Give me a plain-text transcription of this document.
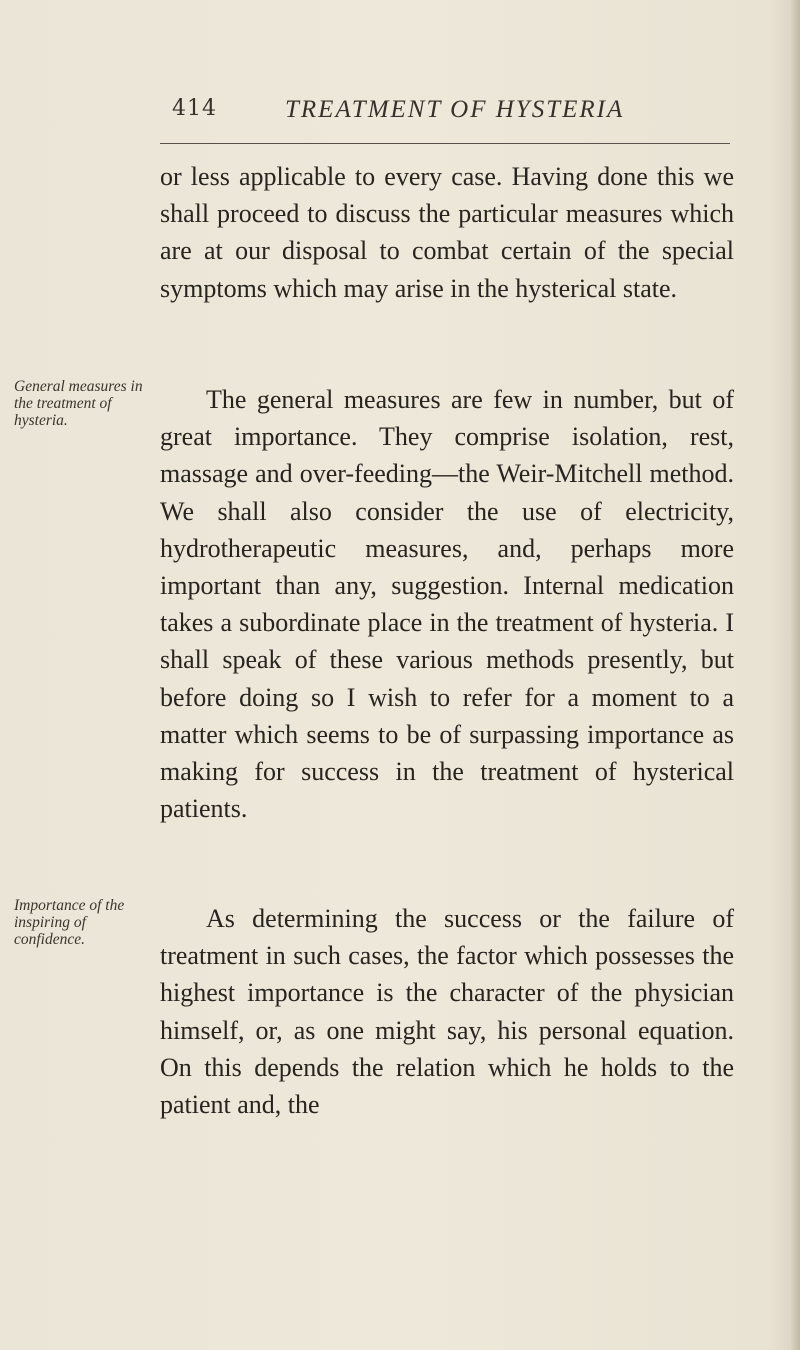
414	TREATMENT OF HYSTERIA
General measures in the treatment of hysteria.
Importance of the inspiring of confidence.

or less applicable to every case. Having done this we shall proceed to discuss the particular measures which are at our disposal to combat certain of the special symptoms which may arise in the hysterical state.

The general measures are few in number, but of great importance. They comprise isolation, rest, massage and over-feeding—the Weir-Mitchell method. We shall also consider the use of electricity, hydrotherapeutic measures, and, perhaps more important than any, suggestion. Internal medication takes a subordinate place in the treatment of hysteria. I shall speak of these various methods presently, but before doing so I wish to refer for a moment to a matter which seems to be of surpassing importance as making for success in the treatment of hysterical patients.

As determining the success or the failure of treatment in such cases, the factor which possesses the highest importance is the character of the physician himself, or, as one might say, his personal equation. On this depends the relation which he holds to the patient and, the
